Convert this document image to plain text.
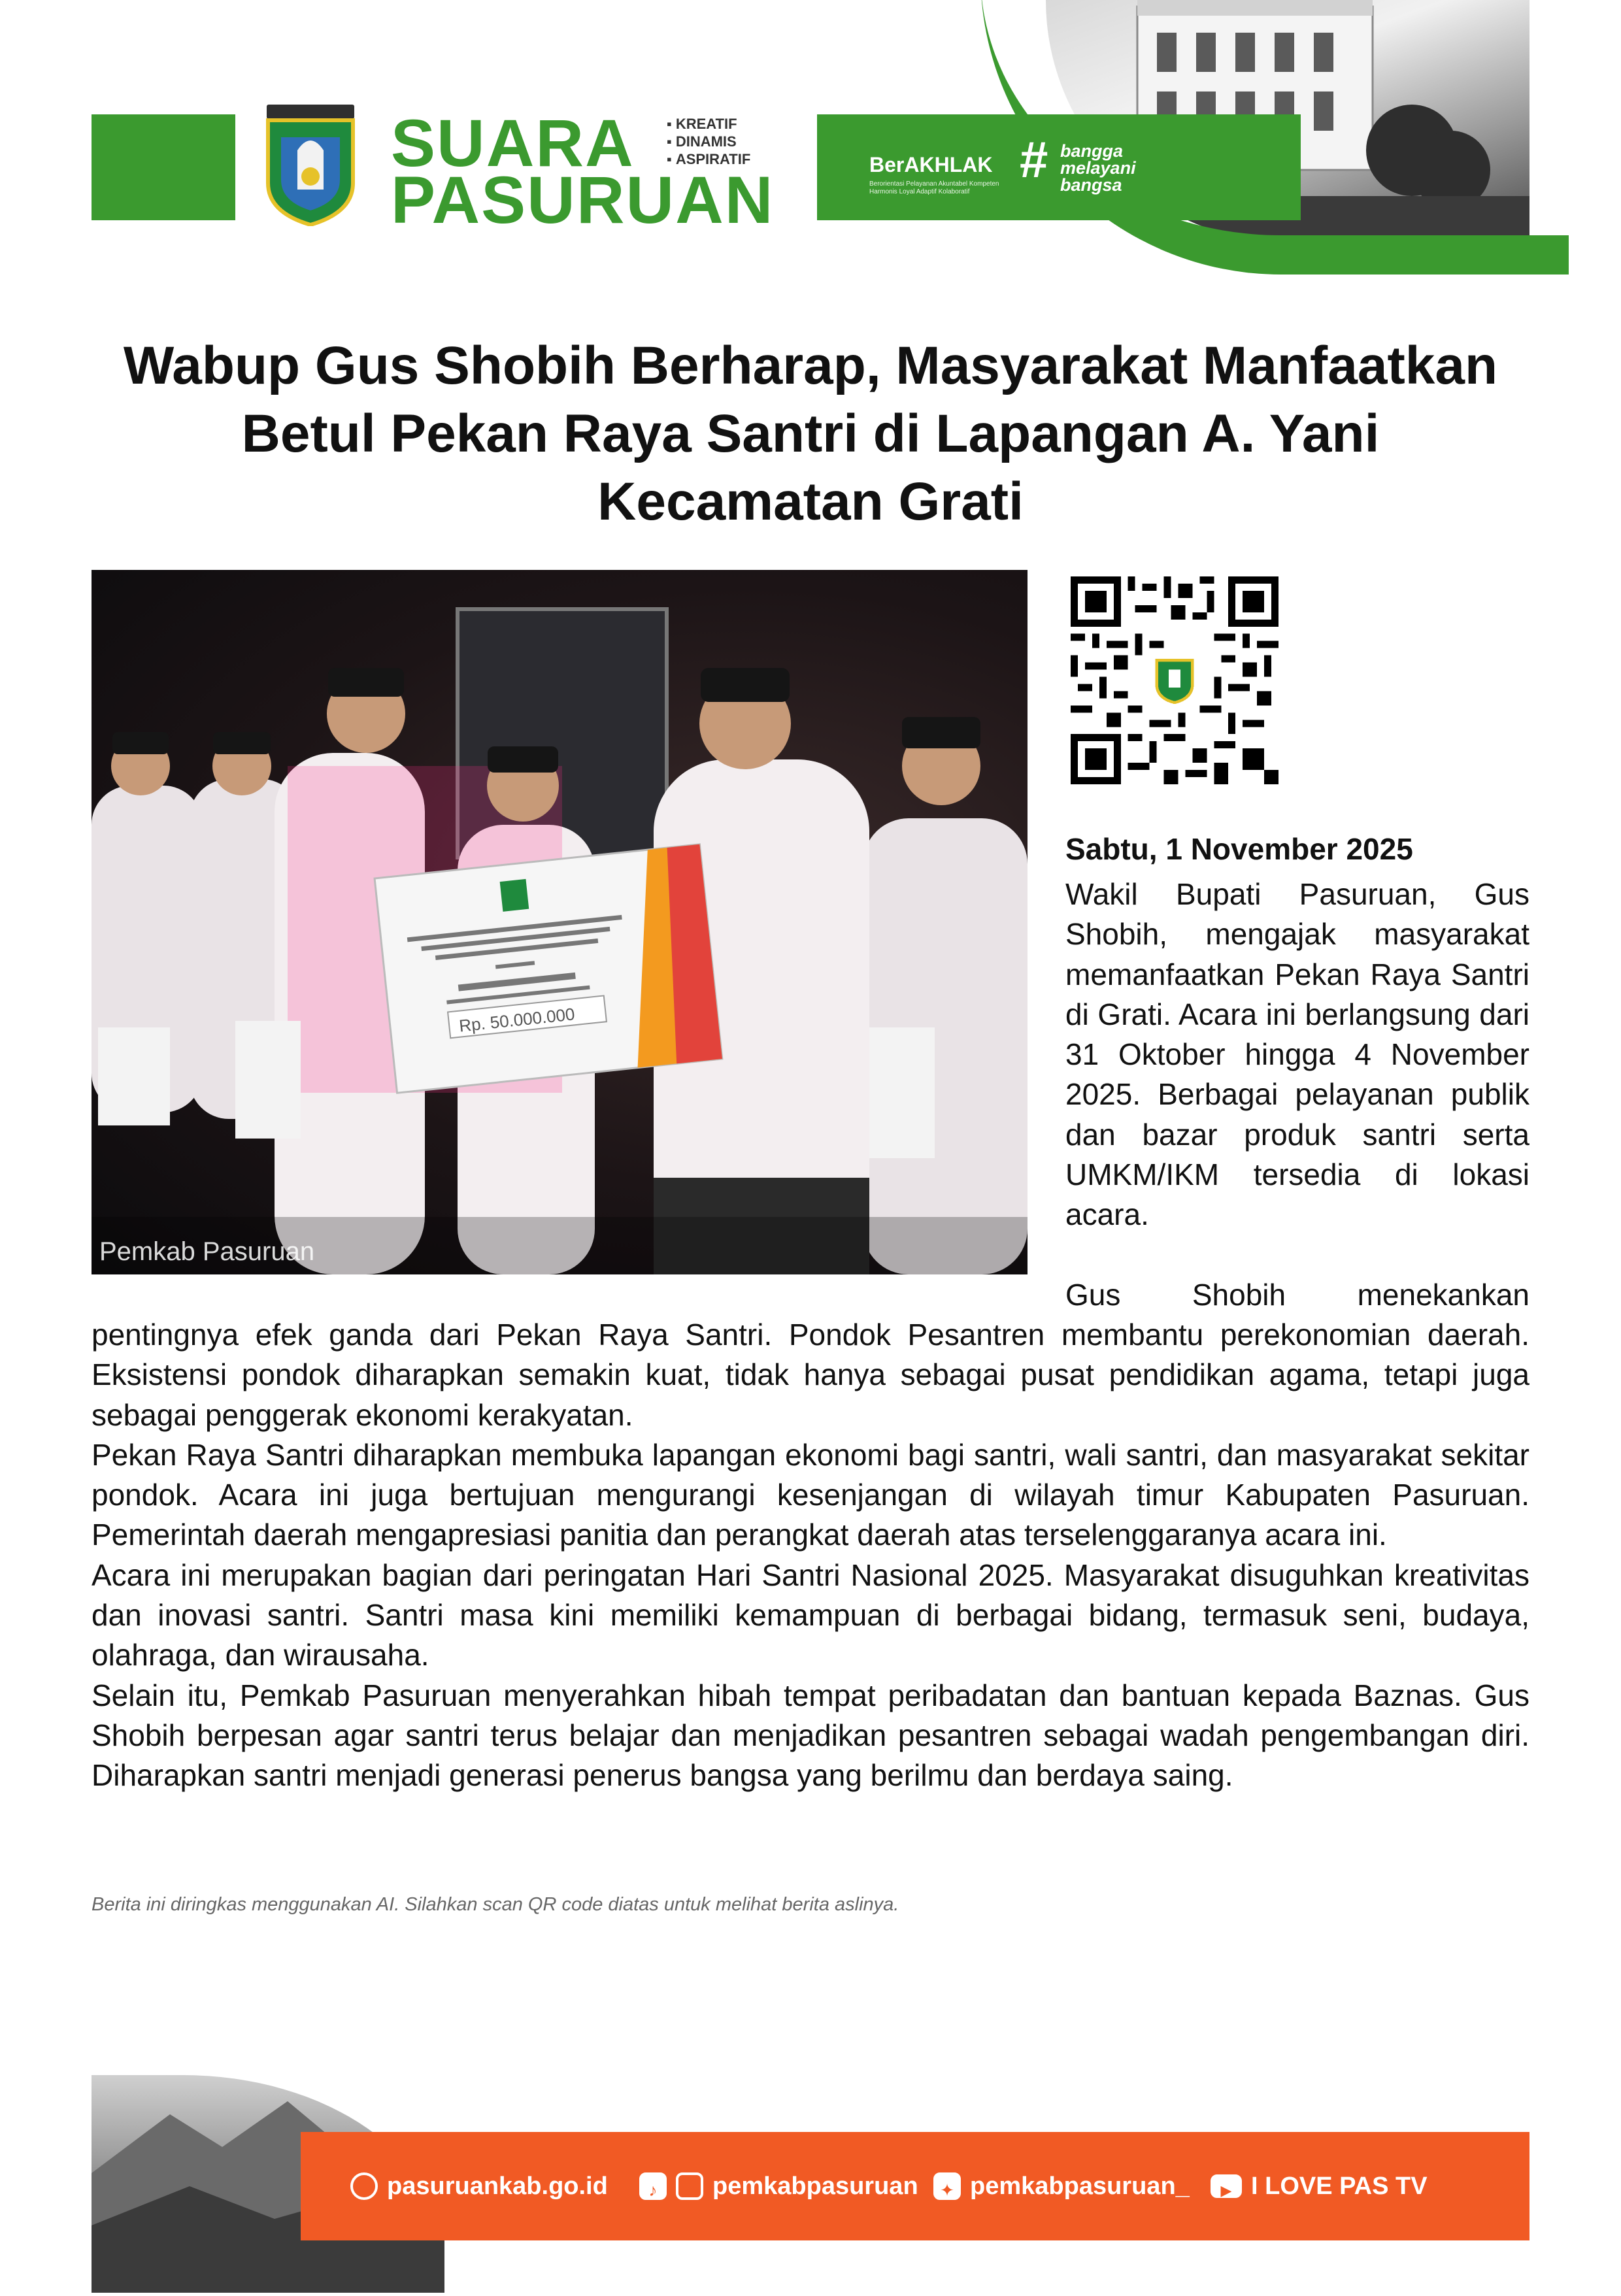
SUARA
PASURUAN
▪ KREATIF
▪ DINAMIS
▪ ASPIRATIF	BerAKHLAK
Berorientasi Pelayanan Akuntabel Kompeten Harmonis Loyal Adaptif Kolaboratif
# bangga
melayani
bangsa
Wabup Gus Shobih Berharap, Masyarakat Manfaatkan Betul Pekan Raya Santri di Lapangan A. Yani Kecamatan Grati
Rp. 50.000.000
Pemkab Pasuruan
Sabtu, 1 November 2025
Wakil Bupati Pasuruan, Gus Shobih, mengajak masyarakat memanfaatkan Pekan Raya Santri di Grati. Acara ini berlangsung dari 31 Oktober hingga 4 November 2025. Berbagai pelayanan publik dan bazar produk santri serta UMKM/IKM tersedia di lokasi acara.
Gus Shobih menekankan

pentingnya efek ganda dari Pekan Raya Santri. Pondok Pesantren membantu perekonomian daerah. Eksistensi pondok diharapkan semakin kuat, tidak hanya sebagai pusat pendidikan agama, tetapi juga sebagai penggerak ekonomi kerakyatan.

Pekan Raya Santri diharapkan membuka lapangan ekonomi bagi santri, wali santri, dan masyarakat sekitar pondok. Acara ini juga bertujuan mengurangi kesenjangan di wilayah timur Kabupaten Pasuruan. Pemerintah daerah mengapresiasi panitia dan perangkat daerah atas terselenggaranya acara ini.

Acara ini merupakan bagian dari peringatan Hari Santri Nasional 2025. Masyarakat disuguhkan kreativitas dan inovasi santri. Santri masa kini memiliki kemampuan di berbagai bidang, termasuk seni, budaya, olahraga, dan wirausaha.

Selain itu, Pemkab Pasuruan menyerahkan hibah tempat peribadatan dan bantuan kepada Baznas. Gus Shobih berpesan agar santri terus belajar dan menjadikan pesantren sebagai wadah pengembangan diri. Diharapkan santri menjadi generasi penerus bangsa yang berilmu dan berdaya saing.

Berita ini diringkas menggunakan AI. Silahkan scan QR code diatas untuk melihat berita aslinya.
pasuruankab.go.id	♪ pemkabpasuruan ✦ pemkabpasuruan_	▶ I LOVE PAS TV
